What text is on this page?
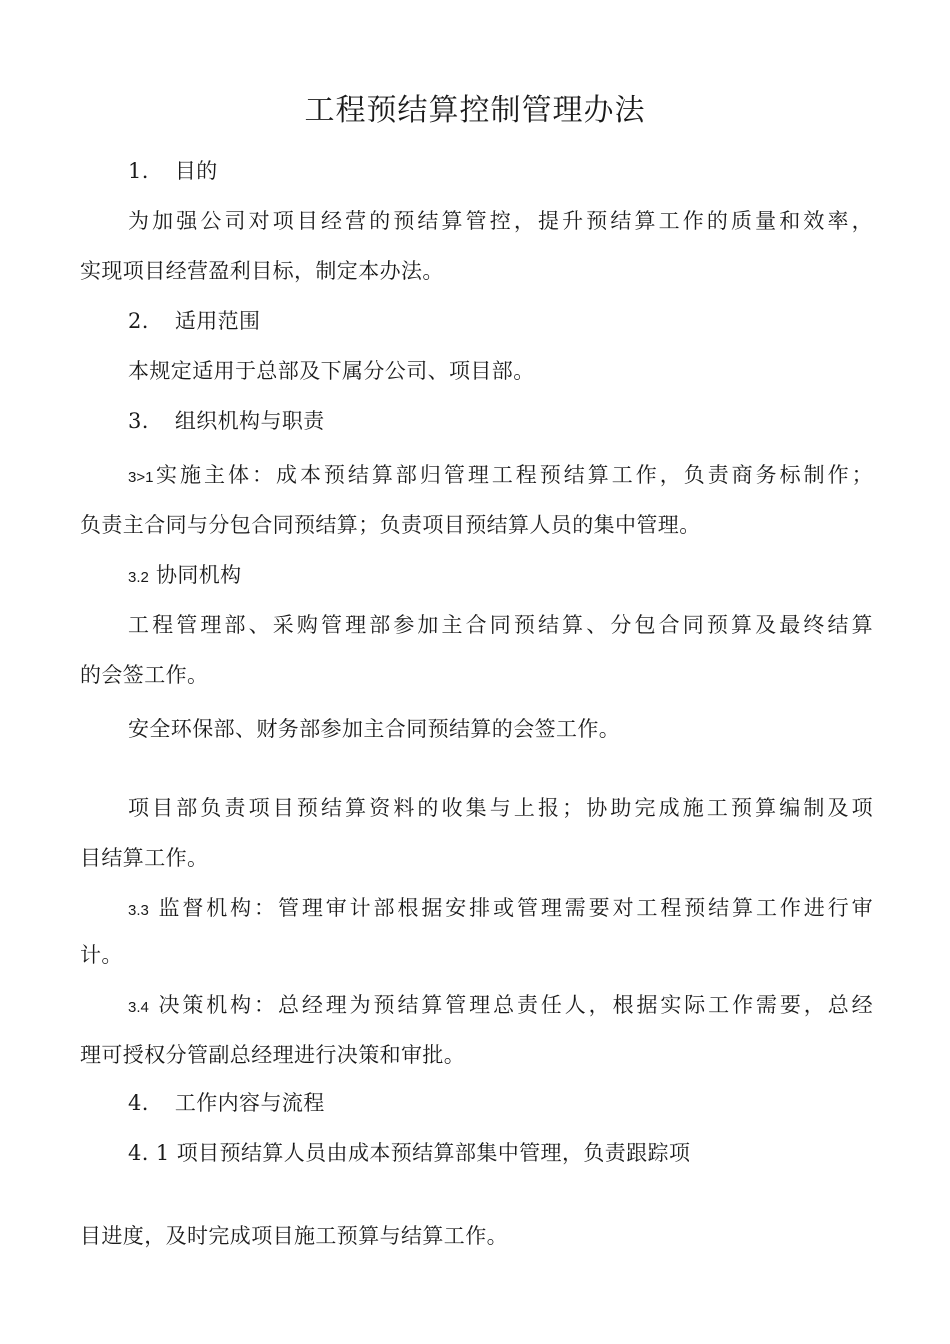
工程预结算控制管理办法
1. 目的
为加强公司对项目经营的预结算管控，提升预结算工作的质量和效率，
实现项目经营盈利目标，制定本办法。
2. 适用范围
本规定适用于总部及下属分公司、项目部。
3. 组织机构与职责
3>1实施主体：成本预结算部归管理工程预结算工作，负责商务标制作；
负责主合同与分包合同预结算；负责项目预结算人员的集中管理。
3.2 协同机构
工程管理部、采购管理部参加主合同预结算、分包合同预算及最终结算
的会签工作。
安全环保部、财务部参加主合同预结算的会签工作。
项目部负责项目预结算资料的收集与上报；协助完成施工预算编制及项
目结算工作。
3.3 监督机构：管理审计部根据安排或管理需要对工程预结算工作进行审
计。
3.4 决策机构：总经理为预结算管理总责任人，根据实际工作需要，总经
理可授权分管副总经理进行决策和审批。
4. 工作内容与流程
4. 1 项目预结算人员由成本预结算部集中管理，负责跟踪项
目进度，及时完成项目施工预算与结算工作。
